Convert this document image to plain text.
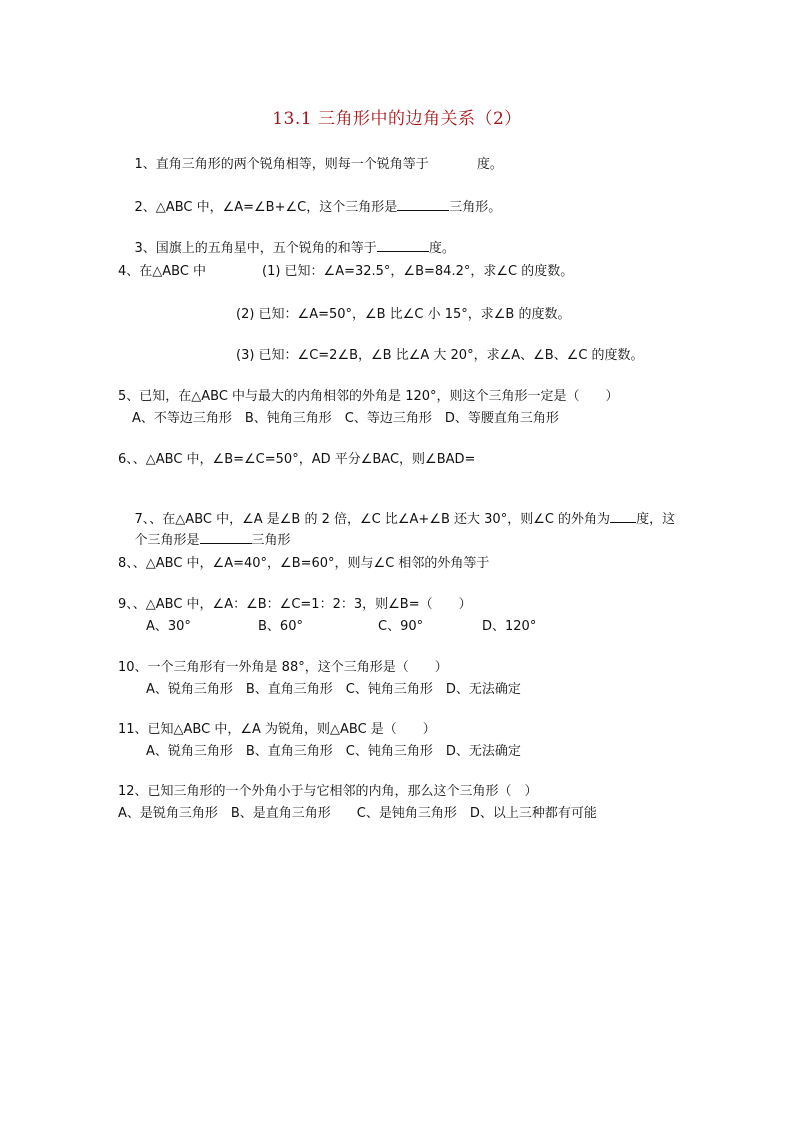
13.1 三角形中的边角关系（2）

1、直角三角形的两个锐角相等，则每一个锐角等于	度。

2、△ABC 中，∠A=∠B+∠C，这个三角形是	三角形。

3、国旗上的五角星中，五个锐角的和等于	度。

4、在△ABC 中	(1) 已知：∠A=32.5°，∠B=84.2°，求∠C 的度数。
(2) 已知：∠A=50°，∠B 比∠C 小 15°，求∠B 的度数。
(3) 已知：∠C=2∠B，∠B 比∠A 大 20°，求∠A、∠B、∠C 的度数。
5、已知，在△ABC 中与最大的内角相邻的外角是 120°，则这个三角形一定是（　　）
A、不等边三角形　B、钝角三角形　C、等边三角形　D、等腰直角三角形
6、、△ABC 中，∠B=∠C=50°，AD 平分∠BAC，则∠BAD=

7、、在△ABC 中，∠A 是∠B 的 2 倍，∠C 比∠A+∠B 还大 30°，则∠C 的外角为 度，这

个三角形是	三角形

8、、△ABC 中，∠A=40°，∠B=60°，则与∠C 相邻的外角等于
9、、△ABC 中，∠A：∠B：∠C=1：2：3，则∠B=（　　）
A、30°	B、60°	C、90°	D、120°
10、一个三角形有一外角是 88°，这个三角形是（　　）
A、锐角三角形　B、直角三角形　C、钝角三角形　D、无法确定
11、已知△ABC 中，∠A 为锐角，则△ABC 是（　　）
A、锐角三角形　B、直角三角形　C、钝角三角形　D、无法确定
12、已知三角形的一个外角小于与它相邻的内角，那么这个三角形（　）
A、是锐角三角形　B、是直角三角形　　C、是钝角三角形　D、以上三种都有可能
